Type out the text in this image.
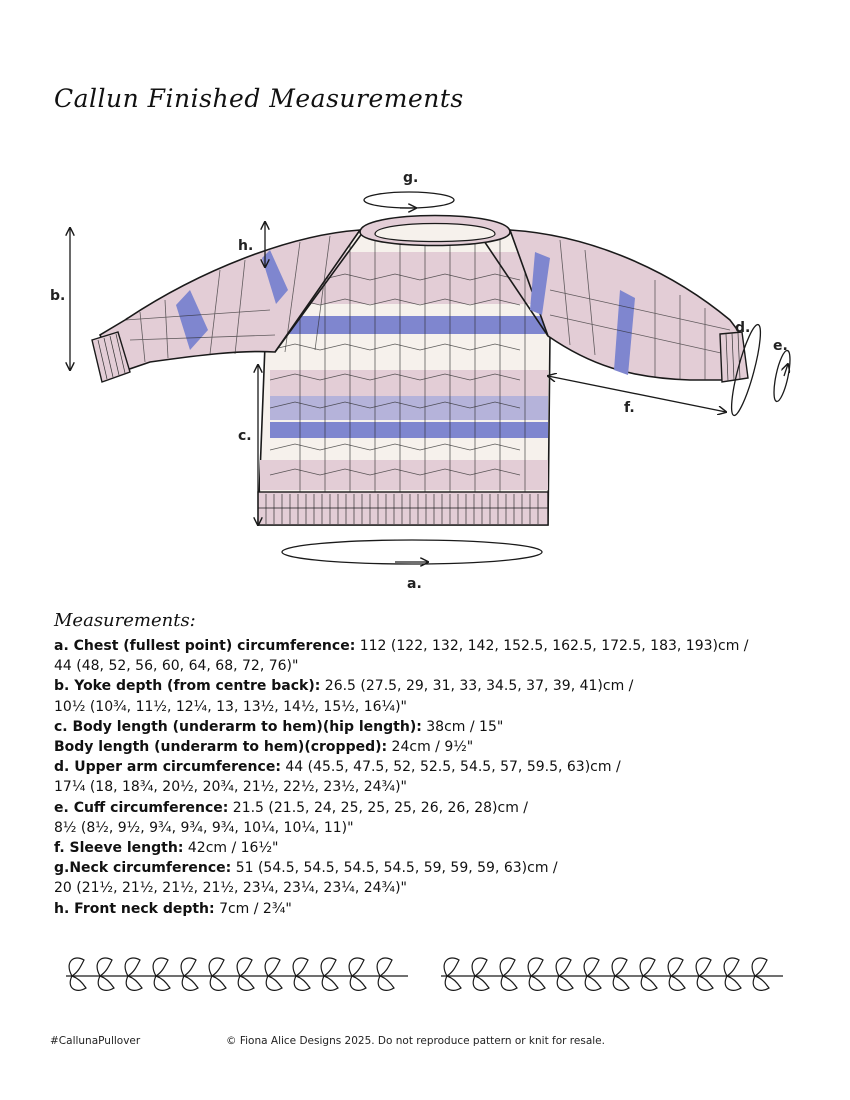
Callun Finished Measurements
g.
h.
b.
c.
d.
e.
f.
a.
Measurements:
a. Chest (fullest point) circumference: 112 (122, 132, 142, 152.5, 162.5, 172.5, 183, 193)cm /
44 (48, 52, 56, 60, 64, 68, 72, 76)"
b. Yoke depth (from centre back): 26.5 (27.5, 29, 31, 33, 34.5, 37, 39, 41)cm /
10½ (10¾, 11½, 12¼, 13, 13½, 14½, 15½, 16¼)"
c. Body length (underarm to hem)(hip length): 38cm / 15"
Body length (underarm to hem)(cropped): 24cm / 9½"
d. Upper arm circumference: 44 (45.5, 47.5, 52, 52.5, 54.5, 57, 59.5, 63)cm /
17¼ (18, 18¾, 20½, 20¾, 21½, 22½, 23½, 24¾)"
e. Cuff circumference: 21.5 (21.5, 24, 25, 25, 25, 26, 26, 28)cm /
8½ (8½, 9½, 9¾, 9¾, 9¾, 10¼, 10¼, 11)"
f. Sleeve length: 42cm / 16½"
g.Neck circumference: 51 (54.5, 54.5, 54.5, 54.5, 59, 59, 59, 63)cm /
20 (21½, 21½, 21½, 21½, 23¼, 23¼, 23¼, 24¾)"
h. Front neck depth: 7cm / 2¾"
#CallunaPullover	© Fiona Alice Designs 2025. Do not reproduce pattern or knit for resale.
